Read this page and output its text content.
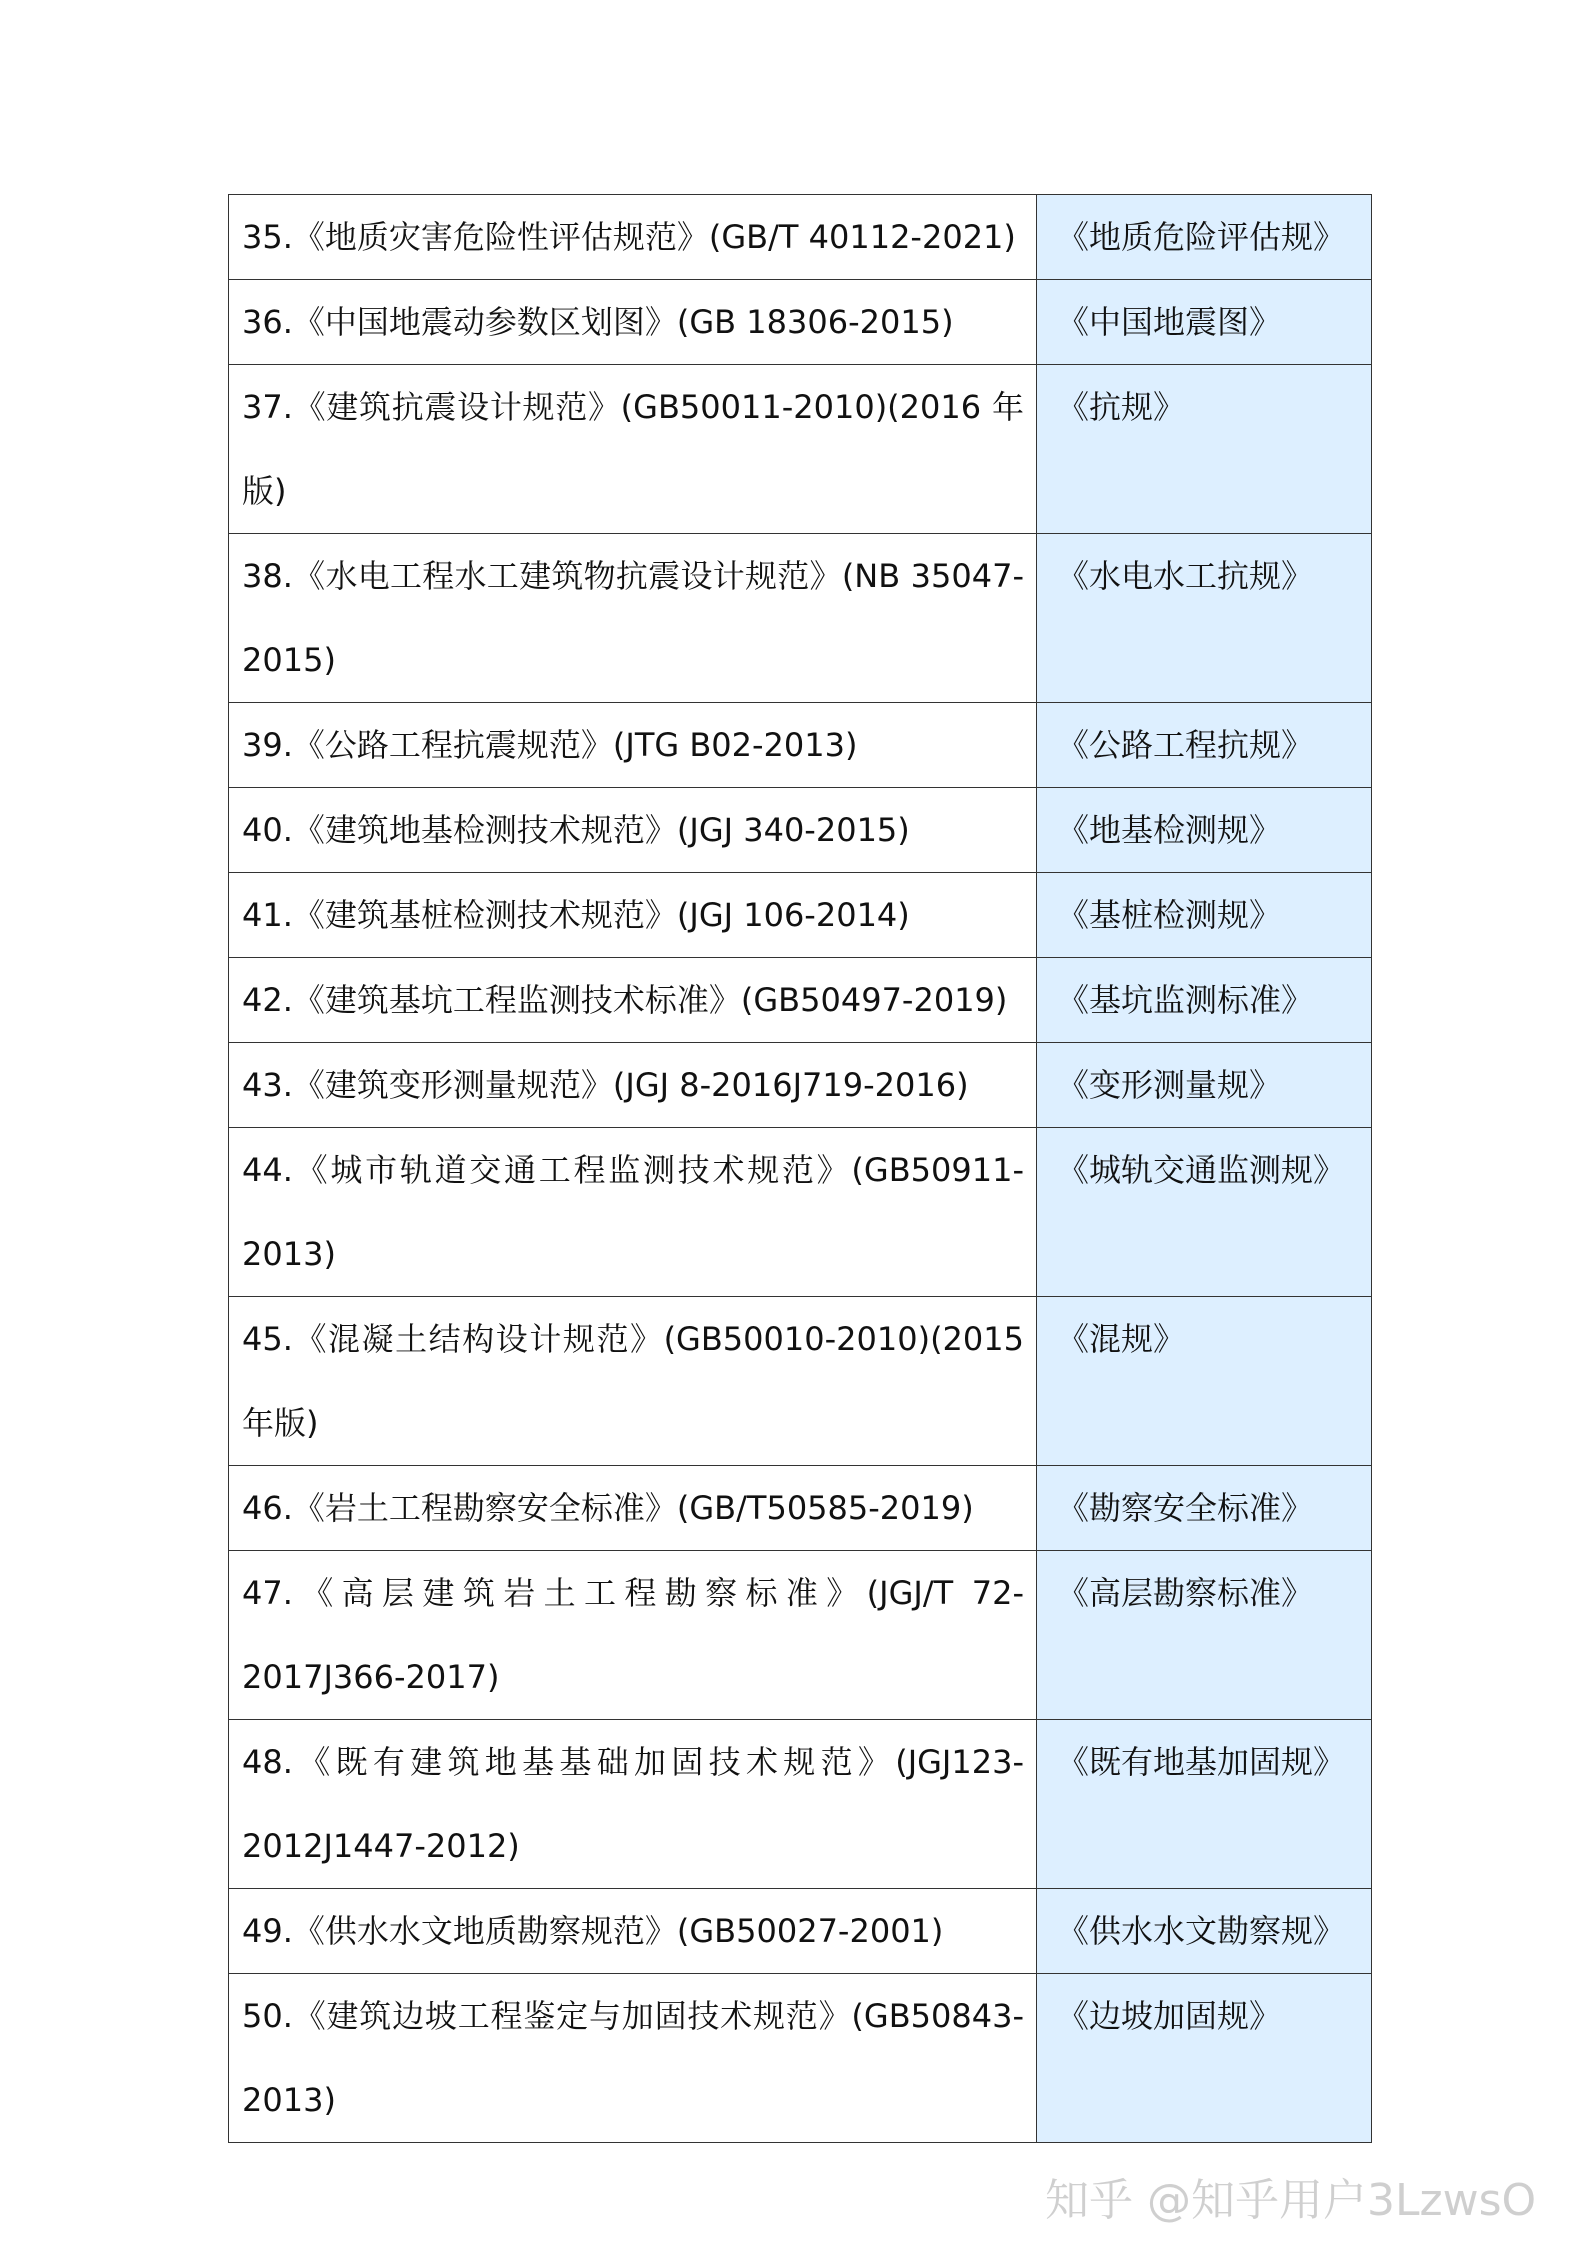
35.《地质灾害危险性评估规范》(GB/T 40112-2021)	《地质危险评估规》

36.《中国地震动参数区划图》(GB 18306-2015)	《中国地震图》

37.《建筑抗震设计规范》(GB50011-2010)(2016 年版)	《抗规》

38.《水电工程水工建筑物抗震设计规范》(NB 35047-2015)	《水电水工抗规》

39.《公路工程抗震规范》(JTG B02-2013)	《公路工程抗规》

40.《建筑地基检测技术规范》(JGJ 340-2015)	《地基检测规》

41.《建筑基桩检测技术规范》(JGJ 106-2014)	《基桩检测规》

42.《建筑基坑工程监测技术标准》(GB50497-2019)	《基坑监测标准》

43.《建筑变形测量规范》(JGJ 8-2016J719-2016)	《变形测量规》

44.《城市轨道交通工程监测技术规范》(GB50911-2013)	《城轨交通监测规》

45.《混凝土结构设计规范》(GB50010-2010)(2015 年版)	《混规》

46.《岩土工程勘察安全标准》(GB/T50585-2019)	《勘察安全标准》

47.《高层建筑岩土工程勘察标准》(JGJ/T 72-2017J366-2017)	《高层勘察标准》

48.《既有建筑地基基础加固技术规范》(JGJ123-2012J1447-2012)	《既有地基加固规》

49.《供水水文地质勘察规范》(GB50027-2001)	《供水水文勘察规》

50.《建筑边坡工程鉴定与加固技术规范》(GB50843-2013)	《边坡加固规》
知乎 @知乎用户3LzwsO
